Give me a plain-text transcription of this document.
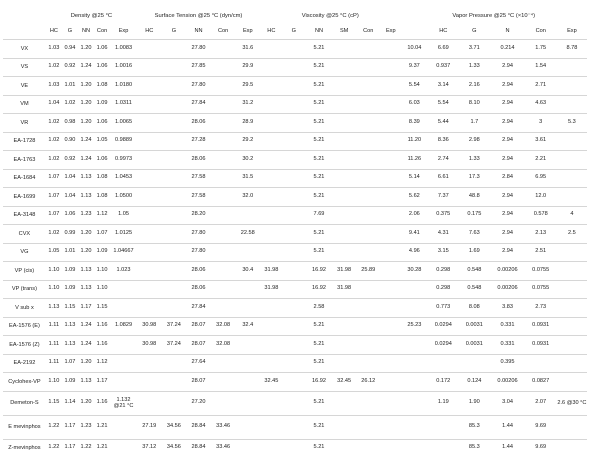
	Density @25 °C					Surface Tension @25 °C (dyn/cm)					Viscosity @25 °C (cP)						Vapor Pressure @25 °C (×10⁻⁴)					
	HC	G	NN	Con	Exp	HC	G	NN	Con	Exp	HC	G	NN	SM	Con	Exp		HC	G	N	Con	Exp
VX	1.03	0.94	1.20	1.06	1.0083			27.80		31.6			5.21				10.04	6.69	3.71	0.214	1.75	8.78
VS	1.02	0.92	1.24	1.06	1.0016			27.85		29.9			5.21				9.37	0.937	1.33	2.94	1.54	
VE	1.03	1.01	1.20	1.08	1.0180			27.80		29.5			5.21				5.54	3.14	2.16	2.94	2.71	
VM	1.04	1.02	1.20	1.09	1.0311			27.84		31.2			5.21				6.03	5.54	8.10	2.94	4.63	
VR	1.02	0.98	1.20	1.06	1.0065			28.06		28.9			5.21				8.39	5.44	1.7	2.94	3	5.3
EA-1728	1.02	0.90	1.24	1.05	0.9889			27.28		29.2			5.21				11.20	8.36	2.98	2.94	3.61	
EA-1763	1.02	0.92	1.24	1.06	0.9973			28.06		30.2			5.21				11.26	2.74	1.33	2.94	2.21	
EA-1684	1.07	1.04	1.13	1.08	1.0453			27.58		31.5			5.21				5.14	6.61	17.3	2.84	6.95	
EA-1699	1.07	1.04	1.13	1.08	1.0500			27.58		32.0			5.21				5.62	7.37	48.8	2.94	12.0	
EA-3148	1.07	1.06	1.23	1.12	1.05			28.20					7.69				2.06	0.375	0.175	2.94	0.578	4
CVX	1.02	0.99	1.20	1.07	1.0125			27.80		22.58			5.21				9.41	4.31	7.63	2.94	2.13	2.5
VG	1.05	1.01	1.20	1.09	1.04667			27.80					5.21				4.96	3.15	1.69	2.94	2.51	
VP (cis)	1.10	1.09	1.13	1.10	1.023			28.06		30.4	31.98		16.92	31.98	25.89		30.28	0.298	0.548	0.00206	0.0755	
VP (trans)	1.10	1.09	1.13	1.10				28.06			31.98		16.92	31.98				0.298	0.548	0.00206	0.0755	
V sub x	1.13	1.15	1.17	1.15				27.84					2.58					0.773	8.08	3.83	2.73	
EA-1576 (E)	1.11	1.13	1.24	1.16	1.0829	30.98	37.24	28.07	32.08	32.4			5.21				25.23	0.0294	0.0031	0.331	0.0931	
EA-1576 (Z)	1.11	1.13	1.24	1.16		30.98	37.24	28.07	32.08				5.21					0.0294	0.0031	0.331	0.0931	
EA-2192	1.11	1.07	1.20	1.12				27.64					5.21							0.395		
Cyclohex-VP	1.10	1.09	1.13	1.17				28.07			32.45		16.92	32.45	26.12			0.172	0.124	0.00206	0.0827	
Demeton-S	1.15	1.14	1.20	1.16	1.132 @21 °C			27.20					5.21					1.19	1.90	3.04	2.07	2.6 @30 °C
E mevinphos	1.22	1.17	1.23	1.21		27.19	34.56	28.84	33.46				5.21						85.3	1.44	9.69	
Z-mevinphos	1.22	1.17	1.22	1.21		37.12	34.56	28.84	33.46				5.21						85.3	1.44	9.69	
